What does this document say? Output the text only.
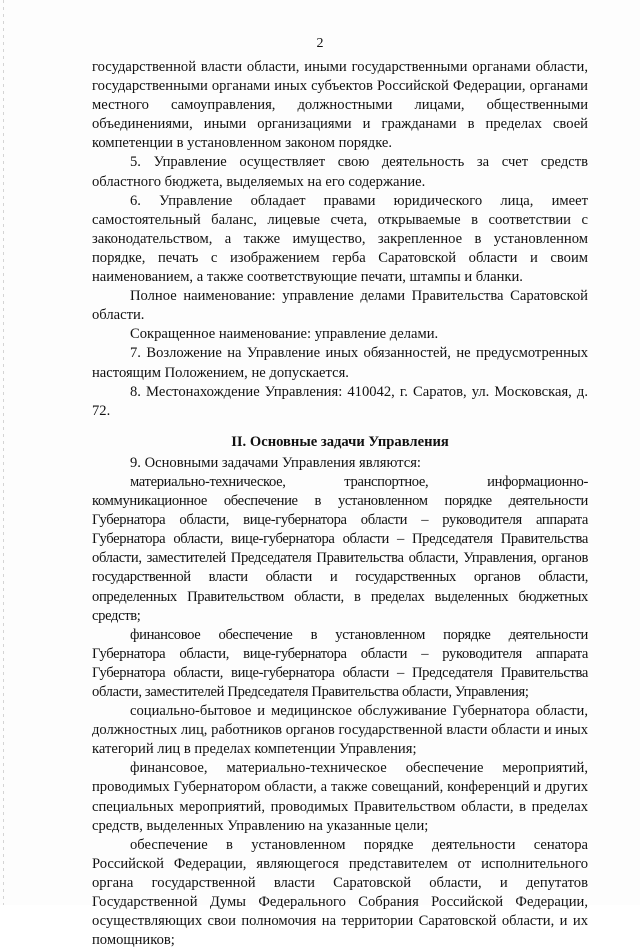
2

государственной власти области, иными государственными органами области, государственными органами иных субъектов Российской Федерации, органами местного самоуправления, должностными лицами, общественными объединениями, иными организациями и гражданами в пределах своей компетенции в установленном законом порядке.

5. Управление осуществляет свою деятельность за счет средств областного бюджета, выделяемых на его содержание.

6. Управление обладает правами юридического лица, имеет самостоятельный баланс, лицевые счета, открываемые в соответствии с законодательством, а также имущество, закрепленное в установленном порядке, печать с изображением герба Саратовской области и своим наименованием, а также соответствующие печати, штампы и бланки.

Полное наименование: управление делами Правительства Саратовской области.

Сокращенное наименование: управление делами.

7. Возложение на Управление иных обязанностей, не предусмотренных настоящим Положением, не допускается.

8. Местонахождение Управления: 410042, г. Саратов, ул. Московская, д. 72.

II. Основные задачи Управления

9. Основными задачами Управления являются:

материально-техническое, транспортное, информационно-коммуникационное обеспечение в установленном порядке деятельности Губернатора области, вице-губернатора области – руководителя аппарата Губернатора области, вице-губернатора области – Председателя Правительства области, заместителей Председателя Правительства области, Управления, органов государственной власти области и государственных органов области, определенных Правительством области, в пределах выделенных бюджетных средств;

финансовое обеспечение в установленном порядке деятельности Губернатора области, вице-губернатора области – руководителя аппарата Губернатора области, вице-губернатора области – Председателя Правительства области, заместителей Председателя Правительства области, Управления;

социально-бытовое и медицинское обслуживание Губернатора области, должностных лиц, работников органов государственной власти области и иных категорий лиц в пределах компетенции Управления;

финансовое, материально-техническое обеспечение мероприятий, проводимых Губернатором области, а также совещаний, конференций и других специальных мероприятий, проводимых Правительством области, в пределах средств, выделенных Управлению на указанные цели;

обеспечение в установленном порядке деятельности сенатора Российской Федерации, являющегося представителем от исполнительного органа государственной власти Саратовской области, и депутатов Государственной Думы Федерального Собрания Российской Федерации, осуществляющих свои полномочия на территории Саратовской области, и их помощников;
